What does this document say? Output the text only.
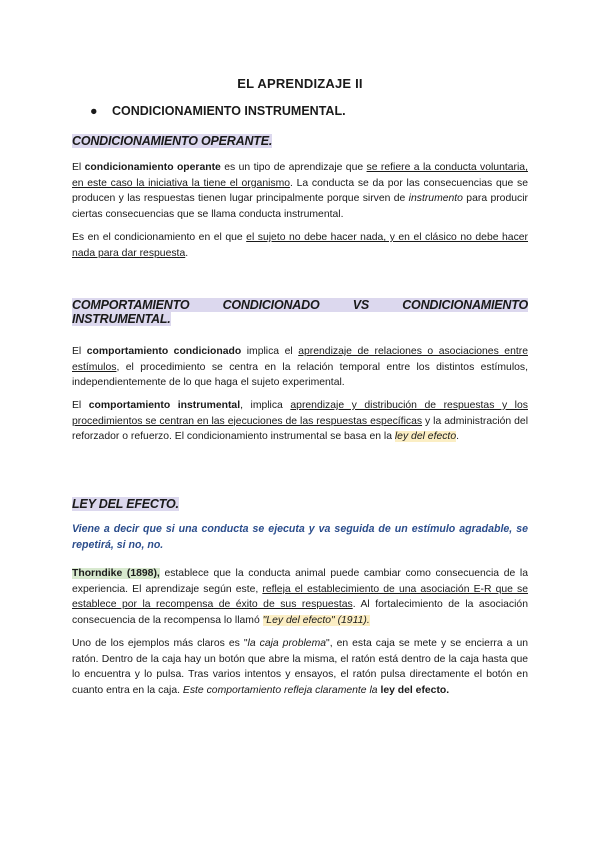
EL APRENDIZAJE II
● CONDICIONAMIENTO INSTRUMENTAL.
CONDICIONAMIENTO OPERANTE.
El condicionamiento operante es un tipo de aprendizaje que se refiere a la conducta voluntaria, en este caso la iniciativa la tiene el organismo. La conducta se da por las consecuencias que se producen y las respuestas tienen lugar principalmente porque sirven de instrumento para producir ciertas consecuencias que se llama conducta instrumental.
Es en el condicionamiento en el que el sujeto no debe hacer nada, y en el clásico no debe hacer nada para dar respuesta.
COMPORTAMIENTO	CONDICIONADO	VS	CONDICIONAMIENTO
INSTRUMENTAL.
El comportamiento condicionado implica el aprendizaje de relaciones o asociaciones entre estímulos, el procedimiento se centra en la relación temporal entre los distintos estímulos, independientemente de lo que haga el sujeto experimental.
El comportamiento instrumental, implica aprendizaje y distribución de respuestas y los procedimientos se centran en las ejecuciones de las respuestas específicas y la administración del reforzador o refuerzo. El condicionamiento instrumental se basa en la ley del efecto.
LEY DEL EFECTO.
Viene a decir que si una conducta se ejecuta y va seguida de un estímulo agradable, se repetirá, si no, no.
Thorndike (1898), establece que la conducta animal puede cambiar como consecuencia de la experiencia. El aprendizaje según este, refleja el establecimiento de una asociación E-R que se establece por la recompensa de éxito de sus respuestas. Al fortalecimiento de la asociación consecuencia de la recompensa lo llamó "Ley del efecto" (1911).
Uno de los ejemplos más claros es "la caja problema", en esta caja se mete y se encierra a un ratón. Dentro de la caja hay un botón que abre la misma, el ratón está dentro de la caja hasta que lo encuentra y lo pulsa. Tras varios intentos y ensayos, el ratón pulsa directamente el botón en cuanto entra en la caja. Este comportamiento refleja claramente la ley del efecto.
